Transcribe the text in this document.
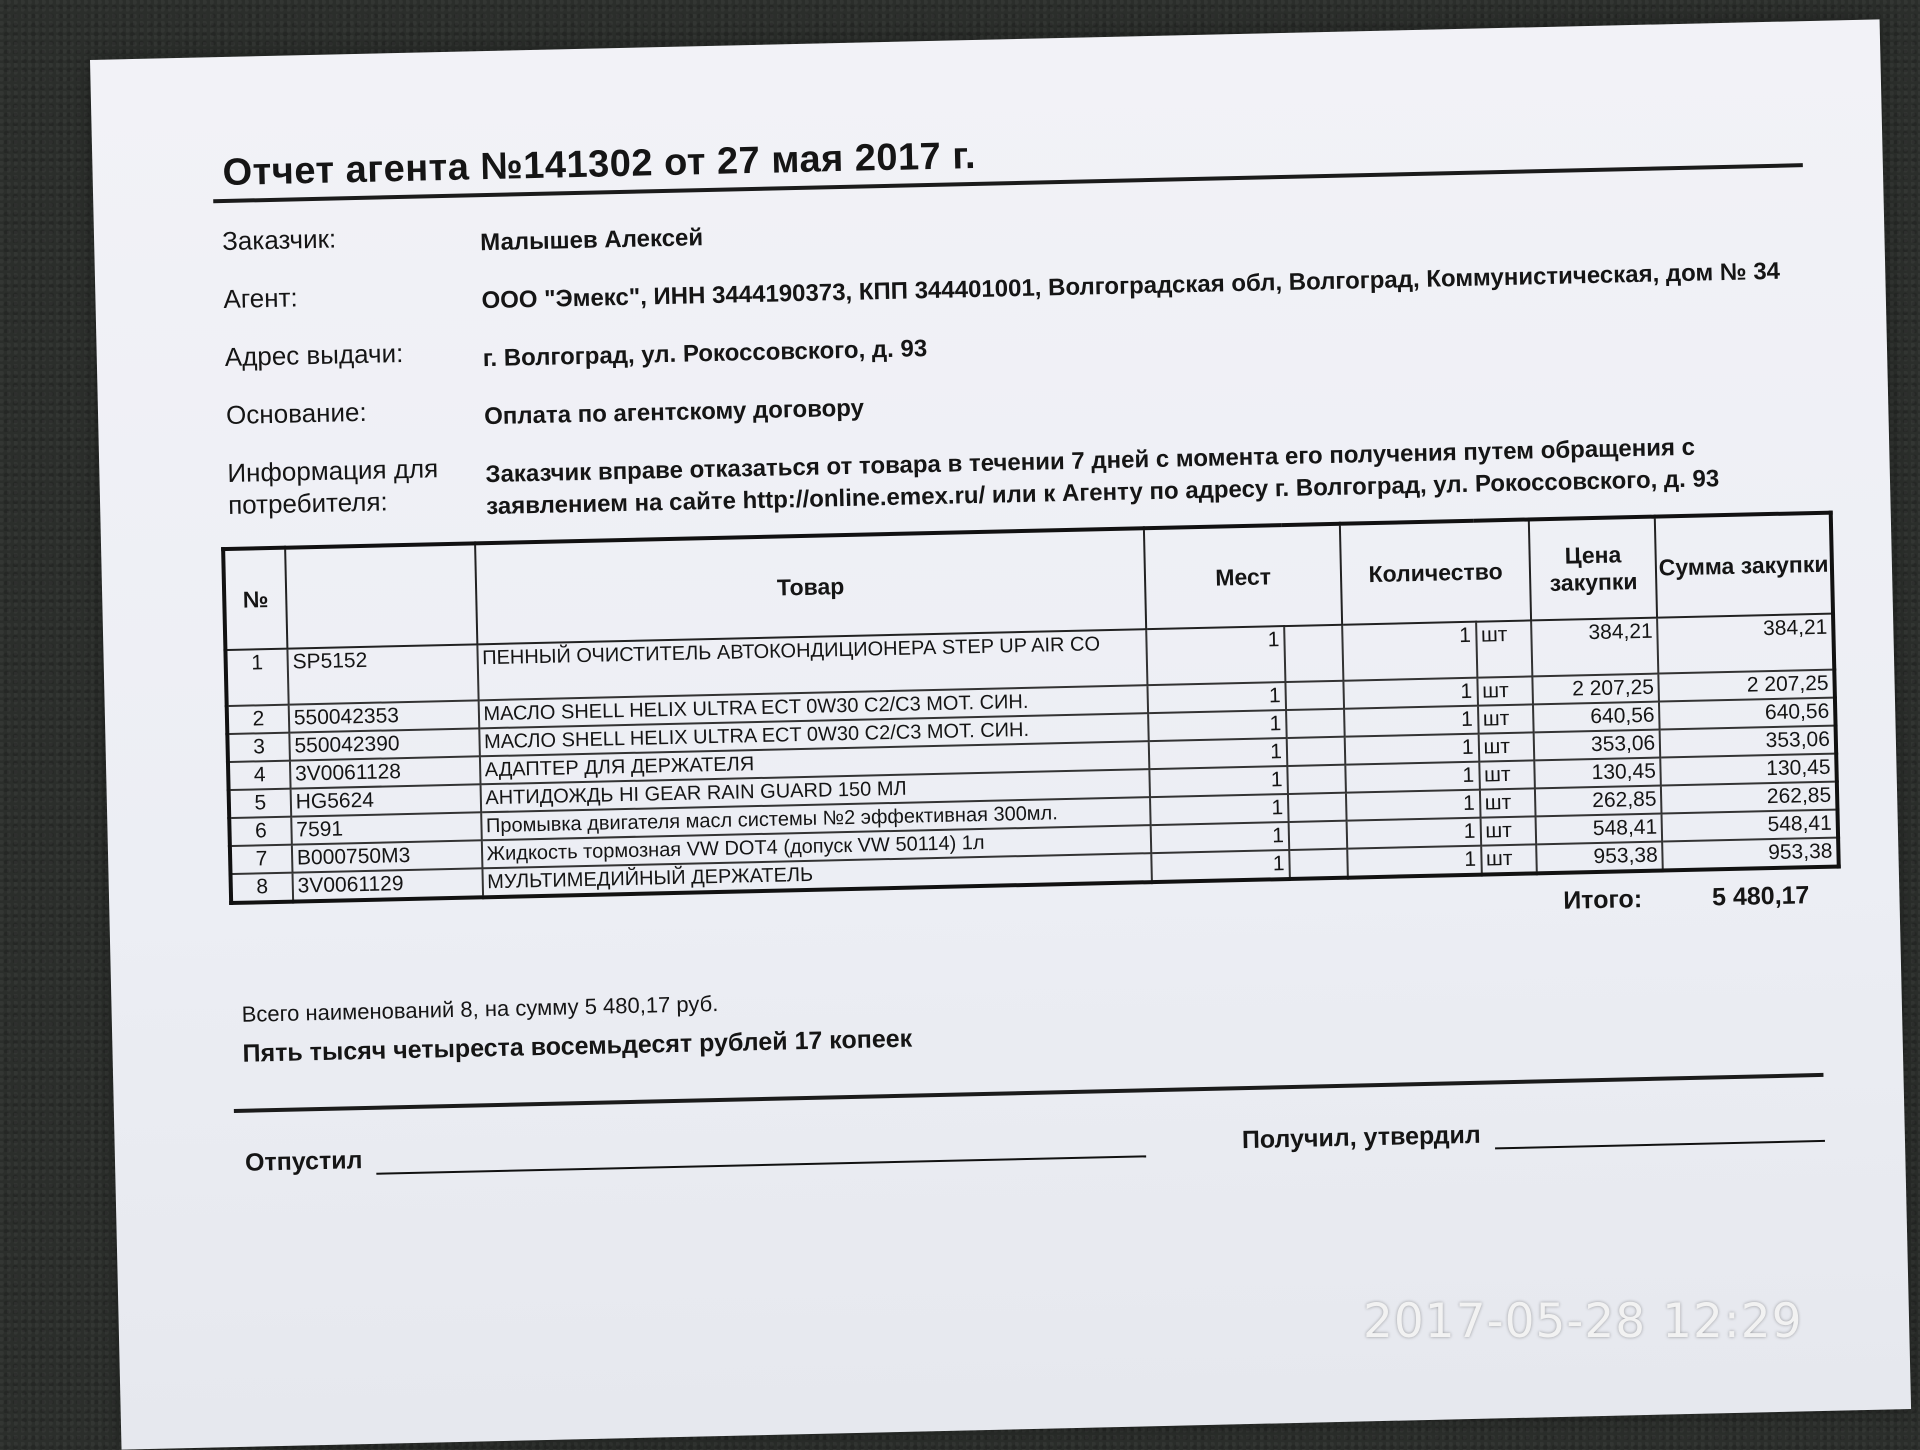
Отчет агента №141302 от 27 мая 2017 г.
Заказчик:	Малышев Алексей
Агент:	ООО "Эмекс", ИНН 3444190373, КПП 344401001, Волгоградская обл, Волгоград, Коммунистическая, дом № 34
Адрес выдачи:	г. Волгоград, ул. Рокоссовского, д. 93
Основание:	Оплата по агентскому договору
Информация для потребителя:
Заказчик вправе отказаться от товара в течении 7 дней с момента его получения путем обращения с заявлением на сайте http://online.emex.ru/ или к Агенту по адресу г. Волгоград, ул. Рокоссовского, д. 93
№		Товар	Мест		Количество		Цена закупки	Сумма закупки
1	SP5152	ПЕННЫЙ ОЧИСТИТЕЛЬ АВТОКОНДИЦИОНЕРА STEP UP AIR CO	1		1	шт	384,21	384,21
2	550042353	МАСЛО SHELL HELIX ULTRA ECT 0W30 C2/C3 МОТ. СИН.	1		1	шт	2 207,25	2 207,25
3	550042390	МАСЛО SHELL HELIX ULTRA ECT 0W30 C2/C3 МОТ. СИН.	1		1	шт	640,56	640,56
4	3V0061128	АДАПТЕР ДЛЯ ДЕРЖАТЕЛЯ	1		1	шт	353,06	353,06
5	HG5624	АНТИДОЖДЬ HI GEAR RAIN GUARD 150 МЛ	1		1	шт	130,45	130,45
6	7591	Промывка двигателя масл системы №2 эффективная 300мл.	1		1	шт	262,85	262,85
7	B000750M3	Жидкость тормозная VW DOT4 (допуск VW 50114) 1л	1		1	шт	548,41	548,41
8	3V0061129	МУЛЬТИМЕДИЙНЫЙ ДЕРЖАТЕЛЬ	1		1	шт	953,38	953,38
Итого:	5 480,17
Всего наименований 8, на сумму 5 480,17 руб.
Пять тысяч четыреста восемьдесят рублей 17 копеек
Отпустил
Получил, утвердил
2017-05-28 12:29
